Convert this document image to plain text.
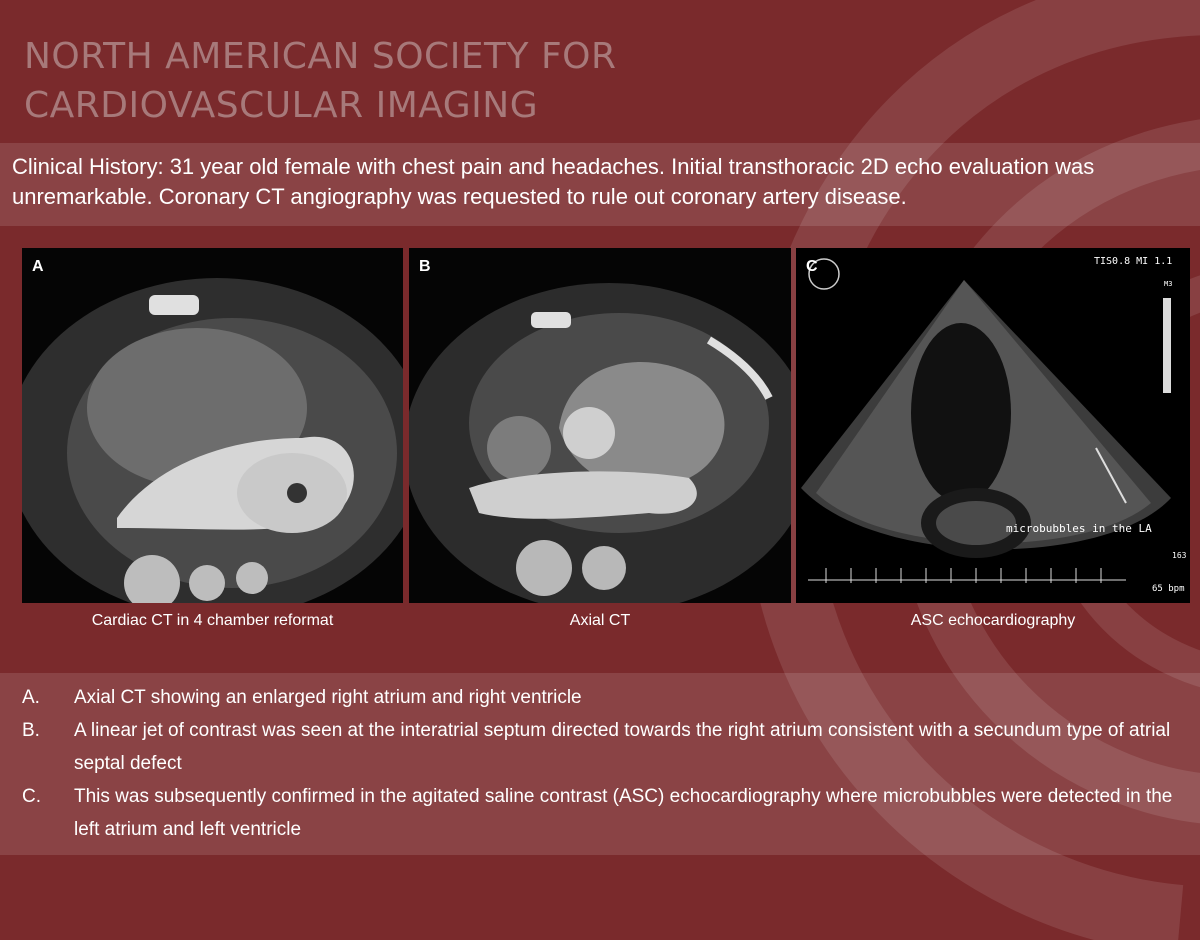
NORTH AMERICAN SOCIETY FOR
CARDIOVASCULAR IMAGING

Clinical History: 31 year old female with chest pain and headaches. Initial transthoracic 2D echo evaluation was unremarkable. Coronary CT angiography was requested to rule out coronary artery disease.

A	B	TIS0.8 MI 1.1
M3
microbubbles in the LA
163
65 bpm
C
Cardiac CT in 4 chamber reformat	Axial CT	ASC echocardiography
A. Axial CT showing an enlarged right atrium and right ventricle
B. A linear jet of contrast was seen at the interatrial septum directed towards the right atrium consistent with a secundum type of atrial septal defect
C. This was subsequently confirmed in the agitated saline contrast (ASC) echocardiography where microbubbles were detected in the left atrium and left ventricle
